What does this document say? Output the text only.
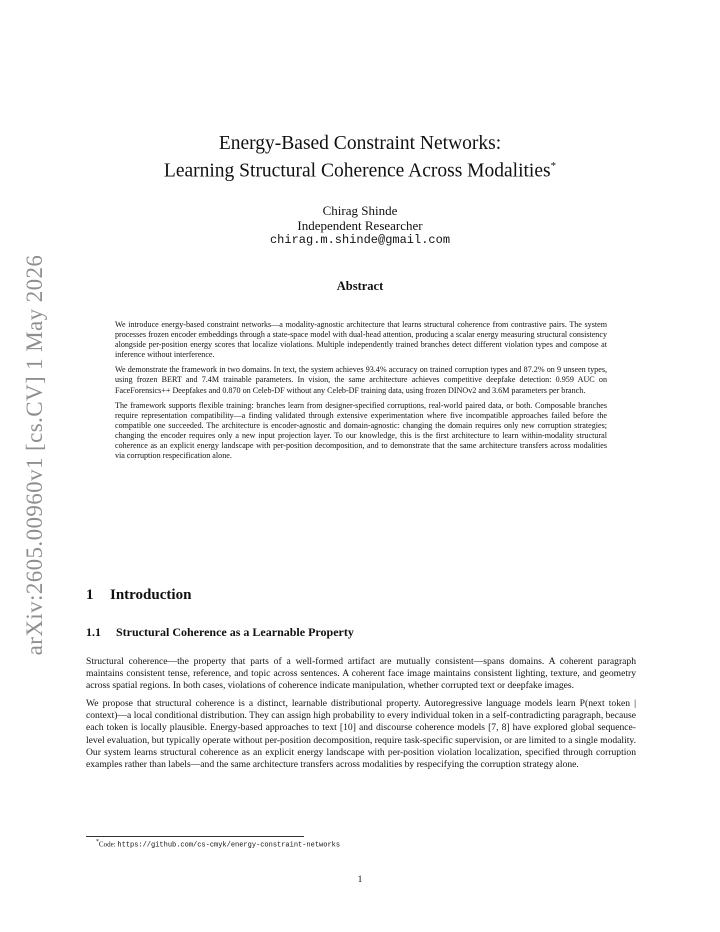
arXiv:2605.00960v1 [cs.CV] 1 May 2026
Energy-Based Constraint Networks:
Learning Structural Coherence Across Modalities*
Chirag Shinde
Independent Researcher
chirag.m.shinde@gmail.com
Abstract

We introduce energy-based constraint networks—a modality-agnostic architecture that learns structural coherence from contrastive pairs. The system processes frozen encoder embeddings through a state-space model with dual-head attention, producing a scalar energy measuring structural consistency alongside per-position energy scores that localize violations. Multiple independently trained branches detect different violation types and compose at inference without interference.

We demonstrate the framework in two domains. In text, the system achieves 93.4% accuracy on trained corruption types and 87.2% on 9 unseen types, using frozen BERT and 7.4M trainable parameters. In vision, the same architecture achieves competitive deepfake detection: 0.959 AUC on FaceForensics++ Deepfakes and 0.870 on Celeb-DF without any Celeb-DF training data, using frozen DINOv2 and 3.6M parameters per branch.

The framework supports flexible training: branches learn from designer-specified corruptions, real-world paired data, or both. Composable branches require representation compatibility—a finding validated through extensive experimentation where five incompatible approaches failed before the compatible one succeeded. The architecture is encoder-agnostic and domain-agnostic: changing the domain requires only new corruption strategies; changing the encoder requires only a new input projection layer. To our knowledge, this is the first architecture to learn within-modality structural coherence as an explicit energy landscape with per-position decomposition, and to demonstrate that the same architecture transfers across modalities via corruption respecification alone.

1 Introduction
1.1 Structural Coherence as a Learnable Property

Structural coherence—the property that parts of a well-formed artifact are mutually consistent—spans domains. A coherent paragraph maintains consistent tense, reference, and topic across sentences. A coherent face image maintains consistent lighting, texture, and geometry across spatial regions. In both cases, violations of coherence indicate manipulation, whether corrupted text or deepfake images.

We propose that structural coherence is a distinct, learnable distributional property. Autoregressive language models learn P(next token | context)—a local conditional distribution. They can assign high probability to every individual token in a self-contradicting paragraph, because each token is locally plausible. Energy-based approaches to text [10] and discourse coherence models [7, 8] have explored global sequence-level evaluation, but typically operate without per-position decomposition, require task-specific supervision, or are limited to a single modality. Our system learns structural coherence as an explicit energy landscape with per-position violation localization, specified through corruption examples rather than labels—and the same architecture transfers across modalities by respecifying the corruption strategy alone.

*Code: https://github.com/cs-cmyk/energy-constraint-networks
1
